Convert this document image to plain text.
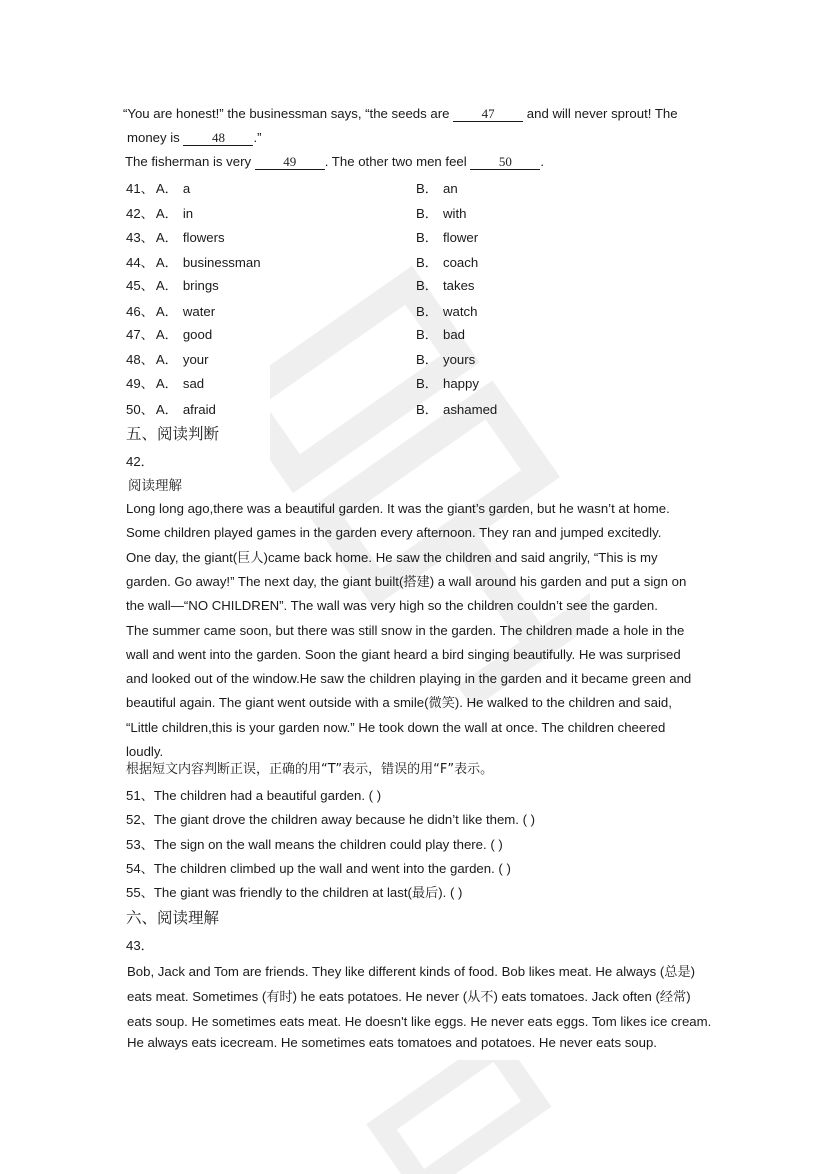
“You are honest!” the businessman says, “the seeds are 47 and will never sprout! The
money is 48 .”
The fisherman is very 49 . The other two men feel 50 .
41、 A． a	B． an
42、 A． in	B． with
43、 A． flowers	B． flower
44、 A． businessman	B． coach
45、 A． brings	B． takes
46、 A． water	B． watch
47、 A． good	B． bad
48、 A． your	B． yours
49、 A． sad	B． happy
50、 A． afraid	B． ashamed
五、阅读判断
42．
阅读理解
Long long ago,there was a beautiful garden. It was the giant’s garden, but he wasn’t at home.
Some children played games in the garden every afternoon. They ran and jumped excitedly.
One day, the giant(巨人)came back home. He saw the children and said angrily, “This is my
garden. Go away!” The next day, the giant built(搭建) a wall around his garden and put a sign on
the wall—“NO CHILDREN”. The wall was very high so the children couldn’t see the garden.
The summer came soon, but there was still snow in the garden. The children made a hole in the
wall and went into the garden. Soon the giant heard a bird singing beautifully. He was surprised
and looked out of the window.He saw the children playing in the garden and it became green and
beautiful again. The giant went outside with a smile(微笑). He walked to the children and said,
“Little children,this is your garden now.” He took down the wall at once. The children cheered
loudly.
根据短文内容判断正误，正确的用“T”表示，错误的用“F”表示。
51、The children had a beautiful garden. ( )
52、The giant drove the children away because he didn’t like them. ( )
53、The sign on the wall means the children could play there. ( )
54、The children climbed up the wall and went into the garden. ( )
55、The giant was friendly to the children at last(最后). ( )
六、阅读理解
43．
Bob, Jack and Tom are friends. They like different kinds of food. Bob likes meat. He always (总是)
eats meat. Sometimes (有时) he eats potatoes. He never (从不) eats tomatoes. Jack often (经常)
eats soup. He sometimes eats meat. He doesn't like eggs. He never eats eggs. Tom likes ice cream.
He always eats icecream. He sometimes eats tomatoes and potatoes. He never eats soup.
